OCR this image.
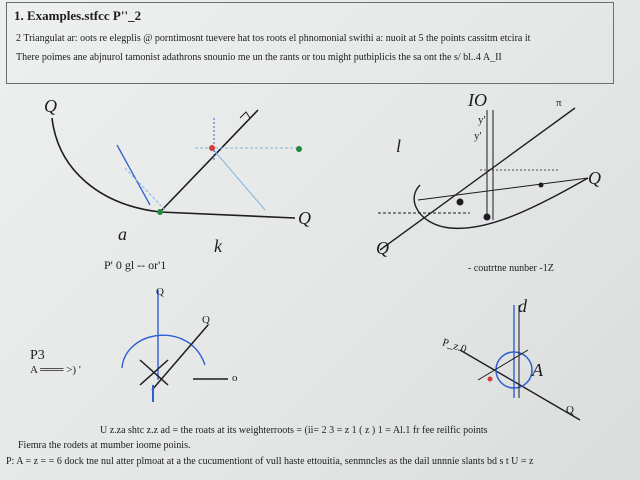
1. Examples.stfcc P''_2
2 Triangulat ar: oots re elegplis @ porntimosnt tuevere hat tos roots el phnomonial swithi a: nuoit at 5 the points cassitm etcira it
There poimes ane abjnurol tamonist adathrons snounio me un the rants or tou might putbiplicis the sa ont the s/ bl..4 A_II
Q
Q
a
k
P' 0 gl -- or'1
IO
y'
y'
π
l
Q
Q
- coutrtne nunber -1Z
Q
Q
P3
A ═══ >) '
o
d
P_z.0
A
Q
U z.za shtc z.z ad = the roats at its weighterroots = (ii= 2 3 = z 1 ( z ) 1 = Al.1 fr fee reilfic points
Fiemra the rodets at mumber ioome poinis.
P: A = z = = 6 dock tne nul atter plmoat at a the cucumentiont of vull haste ettouitia, senmncles as the dail unnnie slants bd s t U = z
